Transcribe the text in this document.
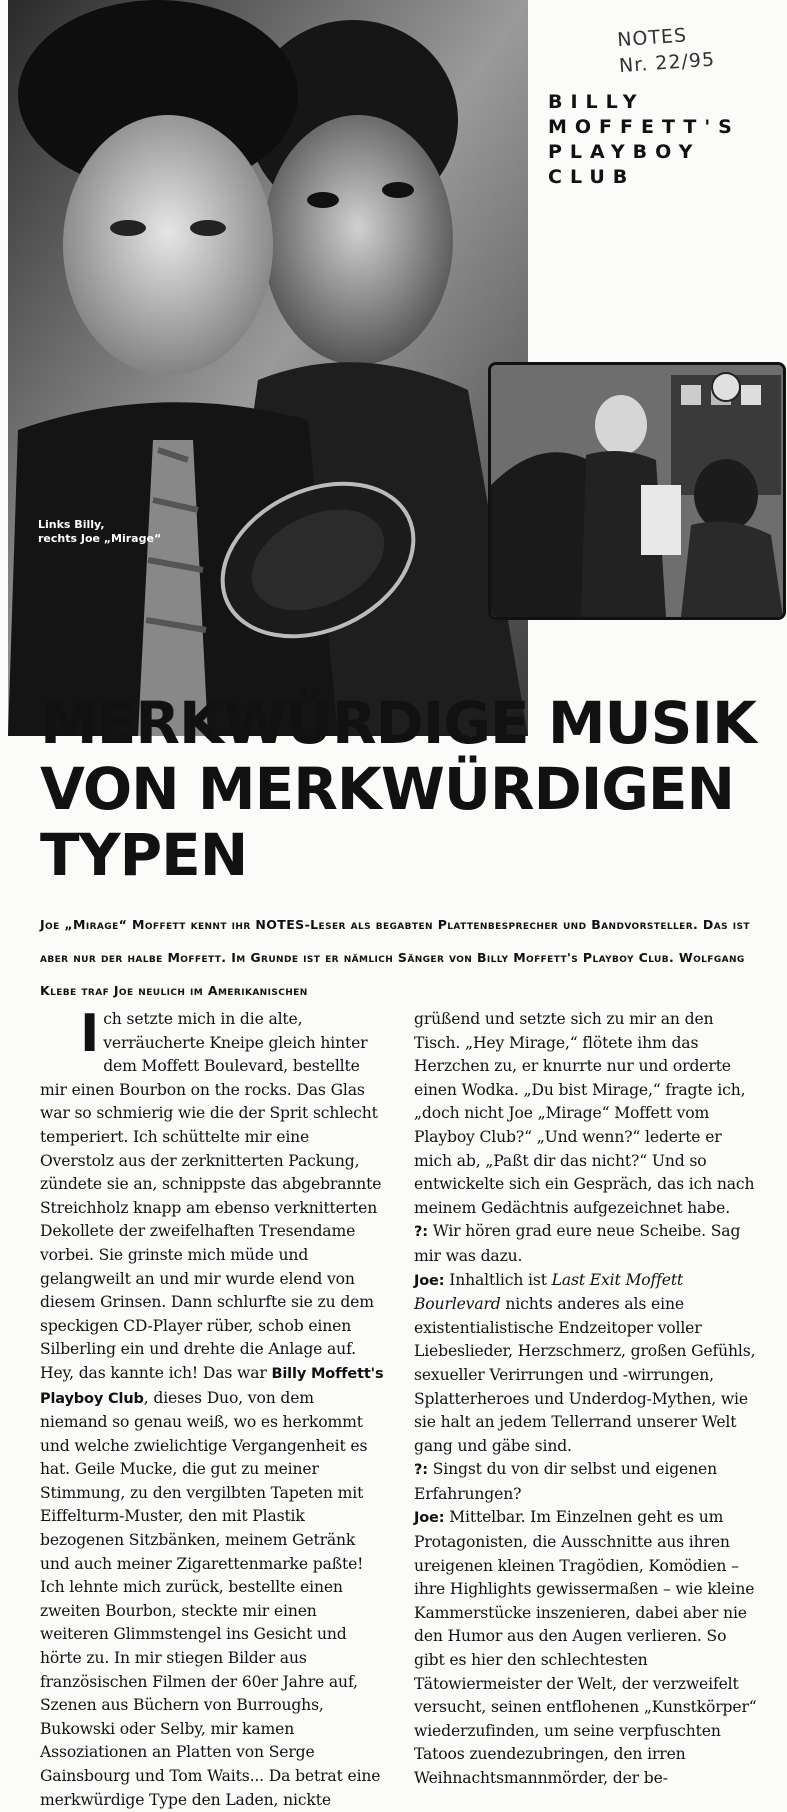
Links Billy,
rechts Joe „Mirage“
NOTES
Nr. 22/95
BILLY
MOFFETT'S
PLAYBOY
CLUB
MERKWÜRDIGE MUSIK
VON MERKWÜRDIGEN
TYPEN
Joe „Mirage“ Moffett kennt ihr NOTES-Leser als begabten Plattenbesprecher und Bandvorsteller. Das ist aber nur der halbe Moffett. Im Grunde ist er nämlich Sänger von Billy Moffett's Playboy Club. Wolfgang Klebe traf Joe neulich im Amerikanischen

Ich setzte mich in die alte, verräucherte Kneipe gleich hinter dem Moffett Boulevard, bestellte mir einen Bourbon on the rocks. Das Glas war so schmierig wie die der Sprit schlecht temperiert. Ich schüttelte mir eine Overstolz aus der zerknitterten Packung, zündete sie an, schnippste das abgebrannte Streichholz knapp am ebenso verknitterten Dekollete der zweifelhaften Tresendame vorbei. Sie grinste mich müde und gelangweilt an und mir wurde elend von diesem Grinsen. Dann schlurfte sie zu dem speckigen CD-Player rüber, schob einen Silberling ein und drehte die Anlage auf.

Hey, das kannte ich! Das war Billy Moffett's Playboy Club, dieses Duo, von dem niemand so genau weiß, wo es herkommt und welche zwielichtige Vergangenheit es hat. Geile Mucke, die gut zu meiner Stimmung, zu den vergilbten Tapeten mit Eiffelturm-Muster, den mit Plastik bezogenen Sitzbänken, meinem Getränk und auch meiner Zigarettenmarke paßte! Ich lehnte mich zurück, bestellte einen zweiten Bourbon, steckte mir einen weiteren Glimmstengel ins Gesicht und hörte zu. In mir stiegen Bilder aus französischen Filmen der 60er Jahre auf, Szenen aus Büchern von Burroughs, Bukowski oder Selby, mir kamen Assoziationen an Platten von Serge Gainsbourg und Tom Waits... Da betrat eine merkwürdige Type den Laden, nickte

grüßend und setzte sich zu mir an den Tisch. „Hey Mirage,“ flötete ihm das Herzchen zu, er knurrte nur und orderte einen Wodka. „Du bist Mirage,“ fragte ich, „doch nicht Joe „Mirage“ Moffett vom Playboy Club?“ „Und wenn?“ lederte er mich ab, „Paßt dir das nicht?“ Und so entwickelte sich ein Gespräch, das ich nach meinem Gedächtnis aufgezeichnet habe.

?: Wir hören grad eure neue Scheibe. Sag mir was dazu.

Joe: Inhaltlich ist Last Exit Moffett Bourlevard nichts anderes als eine existentialistische Endzeitoper voller Liebeslieder, Herzschmerz, großen Gefühls, sexueller Verirrungen und -wirrungen, Splatterheroes und Underdog-Mythen, wie sie halt an jedem Tellerrand unserer Welt gang und gäbe sind.

?: Singst du von dir selbst und eigenen Erfahrungen?

Joe: Mittelbar. Im Einzelnen geht es um Protagonisten, die Ausschnitte aus ihren ureigenen kleinen Tragödien, Komödien – ihre Highlights gewissermaßen – wie kleine Kammerstücke inszenieren, dabei aber nie den Humor aus den Augen verlieren. So gibt es hier den schlechtesten Tätowiermeister der Welt, der verzweifelt versucht, seinen entflohenen „Kunstkörper“ wiederzufinden, um seine verpfuschten Tatoos zuendezubringen, den irren Weihnachtsmannmörder, der be-
